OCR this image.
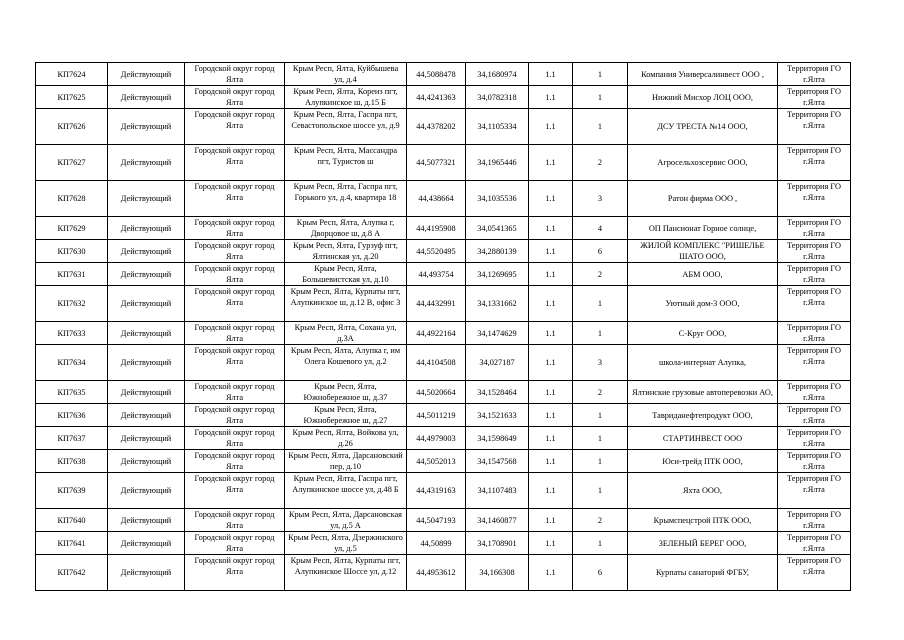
КП7624	Действующий	Городской округ город Ялта	Крым Респ, Ялта, Куйбышева ул, д.4	44,5088478	34,1680974	1.1	1	Компания Универсалинвест ООО ,	Территория ГО г.Ялта
КП7625	Действующий	Городской округ город Ялта	Крым Респ, Ялта, Кореиз пгт, Алупкинское ш, д.15 Б	44,4241363	34,0782318	1.1	1	Нижний Мисхор ЛОЦ ООО,	Территория ГО г.Ялта
КП7626	Действующий	Городской округ город Ялта	Крым Респ, Ялта, Гаспра пгт, Севастопольское шоссе ул, д.9	44,4378202	34,1105334	1.1	1	ДСУ ТРЕСТА №14 ООО,	Территория ГО г.Ялта
КП7627	Действующий	Городской округ город Ялта	Крым Респ, Ялта, Массандра пгт, Туристов ш	44,5077321	34,1965446	1.1	2	Агросельхозсервис ООО,	Территория ГО г.Ялта
КП7628	Действующий	Городской округ город Ялта	Крым Респ, Ялта, Гаспра пгт, Горького ул, д.4, квартира 18	44,438664	34,1035536	1.1	3	Ратон фирма ООО ,	Территория ГО г.Ялта
КП7629	Действующий	Городской округ город Ялта	Крым Респ, Ялта, Алупка г, Дворцовое ш, д.8 А	44,4195908	34,0541365	1.1	4	ОП Пансионат Горное солнце,	Территория ГО г.Ялта
КП7630	Действующий	Городской округ город Ялта	Крым Респ, Ялта, Гурзуф пгт, Ялтинская ул, д.20	44,5520495	34,2880139	1.1	6	ЖИЛОЙ КОМПЛЕКС "РИШЕЛЬЕ ШАТО ООО,	Территория ГО г.Ялта
КП7631	Действующий	Городской округ город Ялта	Крым Респ, Ялта, Большевистская ул, д.10	44,493754	34,1269695	1.1	2	АБМ ООО,	Территория ГО г.Ялта
КП7632	Действующий	Городской округ город Ялта	Крым Респ, Ялта, Курпаты пгт, Алупкинское ш, д.12 В, офис 3	44,4432991	34,1331662	1.1	1	Уютный дом-3 ООО,	Территория ГО г.Ялта
КП7633	Действующий	Городской округ город Ялта	Крым Респ, Ялта, Сохана ул, д.3А	44,4922164	34,1474629	1.1	1	С-Круг ООО,	Территория ГО г.Ялта
КП7634	Действующий	Городской округ город Ялта	Крым Респ, Ялта, Алупка г, им Олега Кошевого ул, д.2	44,4104508	34,027187	1.1	3	школа-интернат Алупка,	Территория ГО г.Ялта
КП7635	Действующий	Городской округ город Ялта	Крым Респ, Ялта, Южнобережное ш, д.37	44,5020664	34,1528464	1.1	2	Ялтинские грузовые автоперевозки АО,	Территория ГО г.Ялта
КП7636	Действующий	Городской округ город Ялта	Крым Респ, Ялта, Южнобережное ш, д.27	44,5011219	34,1521633	1.1	1	Тавриданефтепродукт ООО,	Территория ГО г.Ялта
КП7637	Действующий	Городской округ город Ялта	Крым Респ, Ялта, Войкова ул, д.26	44,4979003	34,1598649	1.1	1	СТАРТИНВЕСТ ООО	Территория ГО г.Ялта
КП7638	Действующий	Городской округ город Ялта	Крым Респ, Ялта, Дарсановский пер, д.10	44,5052013	34,1547568	1.1	1	Юси-трейд ПТК ООО,	Территория ГО г.Ялта
КП7639	Действующий	Городской округ город Ялта	Крым Респ, Ялта, Гаспра пгт, Алупкинское шоссе ул, д.48 Б	44,4319163	34,1107483	1.1	1	Яхта ООО,	Территория ГО г.Ялта
КП7640	Действующий	Городской округ город Ялта	Крым Респ, Ялта, Дарсановская ул, д.5 А	44,5047193	34,1460877	1.1	2	Крымспецстрой ПТК ООО,	Территория ГО г.Ялта
КП7641	Действующий	Городской округ город Ялта	Крым Респ, Ялта, Дзержинского ул, д.5	44,50899	34,1708901	1.1	1	ЗЕЛЕНЫЙ БЕРЕГ ООО,	Территория ГО г.Ялта
КП7642	Действующий	Городской округ город Ялта	Крым Респ, Ялта, Курпаты пгт, Алупкинское Шоссе ул, д.12	44,4953612	34,166308	1.1	6	Курпаты санаторий ФГБУ,	Территория ГО г.Ялта
